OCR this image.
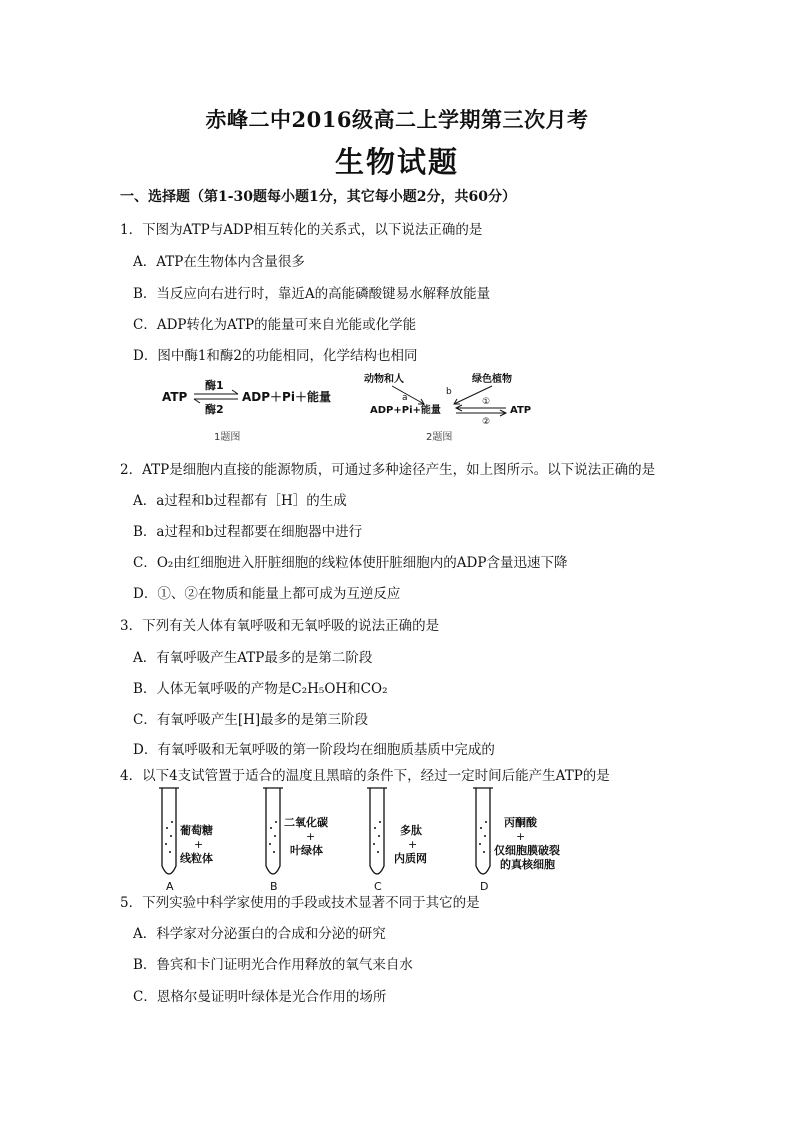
赤峰二中2016级高二上学期第三次月考
生物试题
一、选择题（第1-30题每小题1分，其它每小题2分，共60分）
1．下图为ATP与ADP相互转化的关系式，以下说法正确的是
A．ATP在生物体内含量很多
B．当反应向右进行时，靠近A的高能磷酸键易水解释放能量
C．ADP转化为ATP的能量可来自光能或化学能
D．图中酶1和酶2的功能相同，化学结构也相同
ATP
酶1
酶2
ADP＋Pi＋能量
1题图
动物和人	绿色植物
a
b
ADP+Pi+能量
①
②
ATP
2题图
2．ATP是细胞内直接的能源物质，可通过多种途径产生，如上图所示。以下说法正确的是
A．a过程和b过程都有［H］的生成
B．a过程和b过程都要在细胞器中进行
C．O₂由红细胞进入肝脏细胞的线粒体使肝脏细胞内的ADP含量迅速下降
D．①、②在物质和能量上都可成为互逆反应
3．下列有关人体有氧呼吸和无氧呼吸的说法正确的是
A．有氧呼吸产生ATP最多的是第二阶段
B．人体无氧呼吸的产物是C₂H₅OH和CO₂
C．有氧呼吸产生[H]最多的是第三阶段
D．有氧呼吸和无氧呼吸的第一阶段均在细胞质基质中完成的
4．以下4支试管置于适合的温度且黑暗的条件下，经过一定时间后能产生ATP的是
葡萄糖
+
线粒体
A
二氧化碳
+
叶绿体
B
多肽
+
内质网
C
丙酮酸
+
仅细胞膜破裂
的真核细胞
D
5．下列实验中科学家使用的手段或技术显著不同于其它的是
A．科学家对分泌蛋白的合成和分泌的研究
B．鲁宾和卡门证明光合作用释放的氧气来自水
C．恩格尔曼证明叶绿体是光合作用的场所
